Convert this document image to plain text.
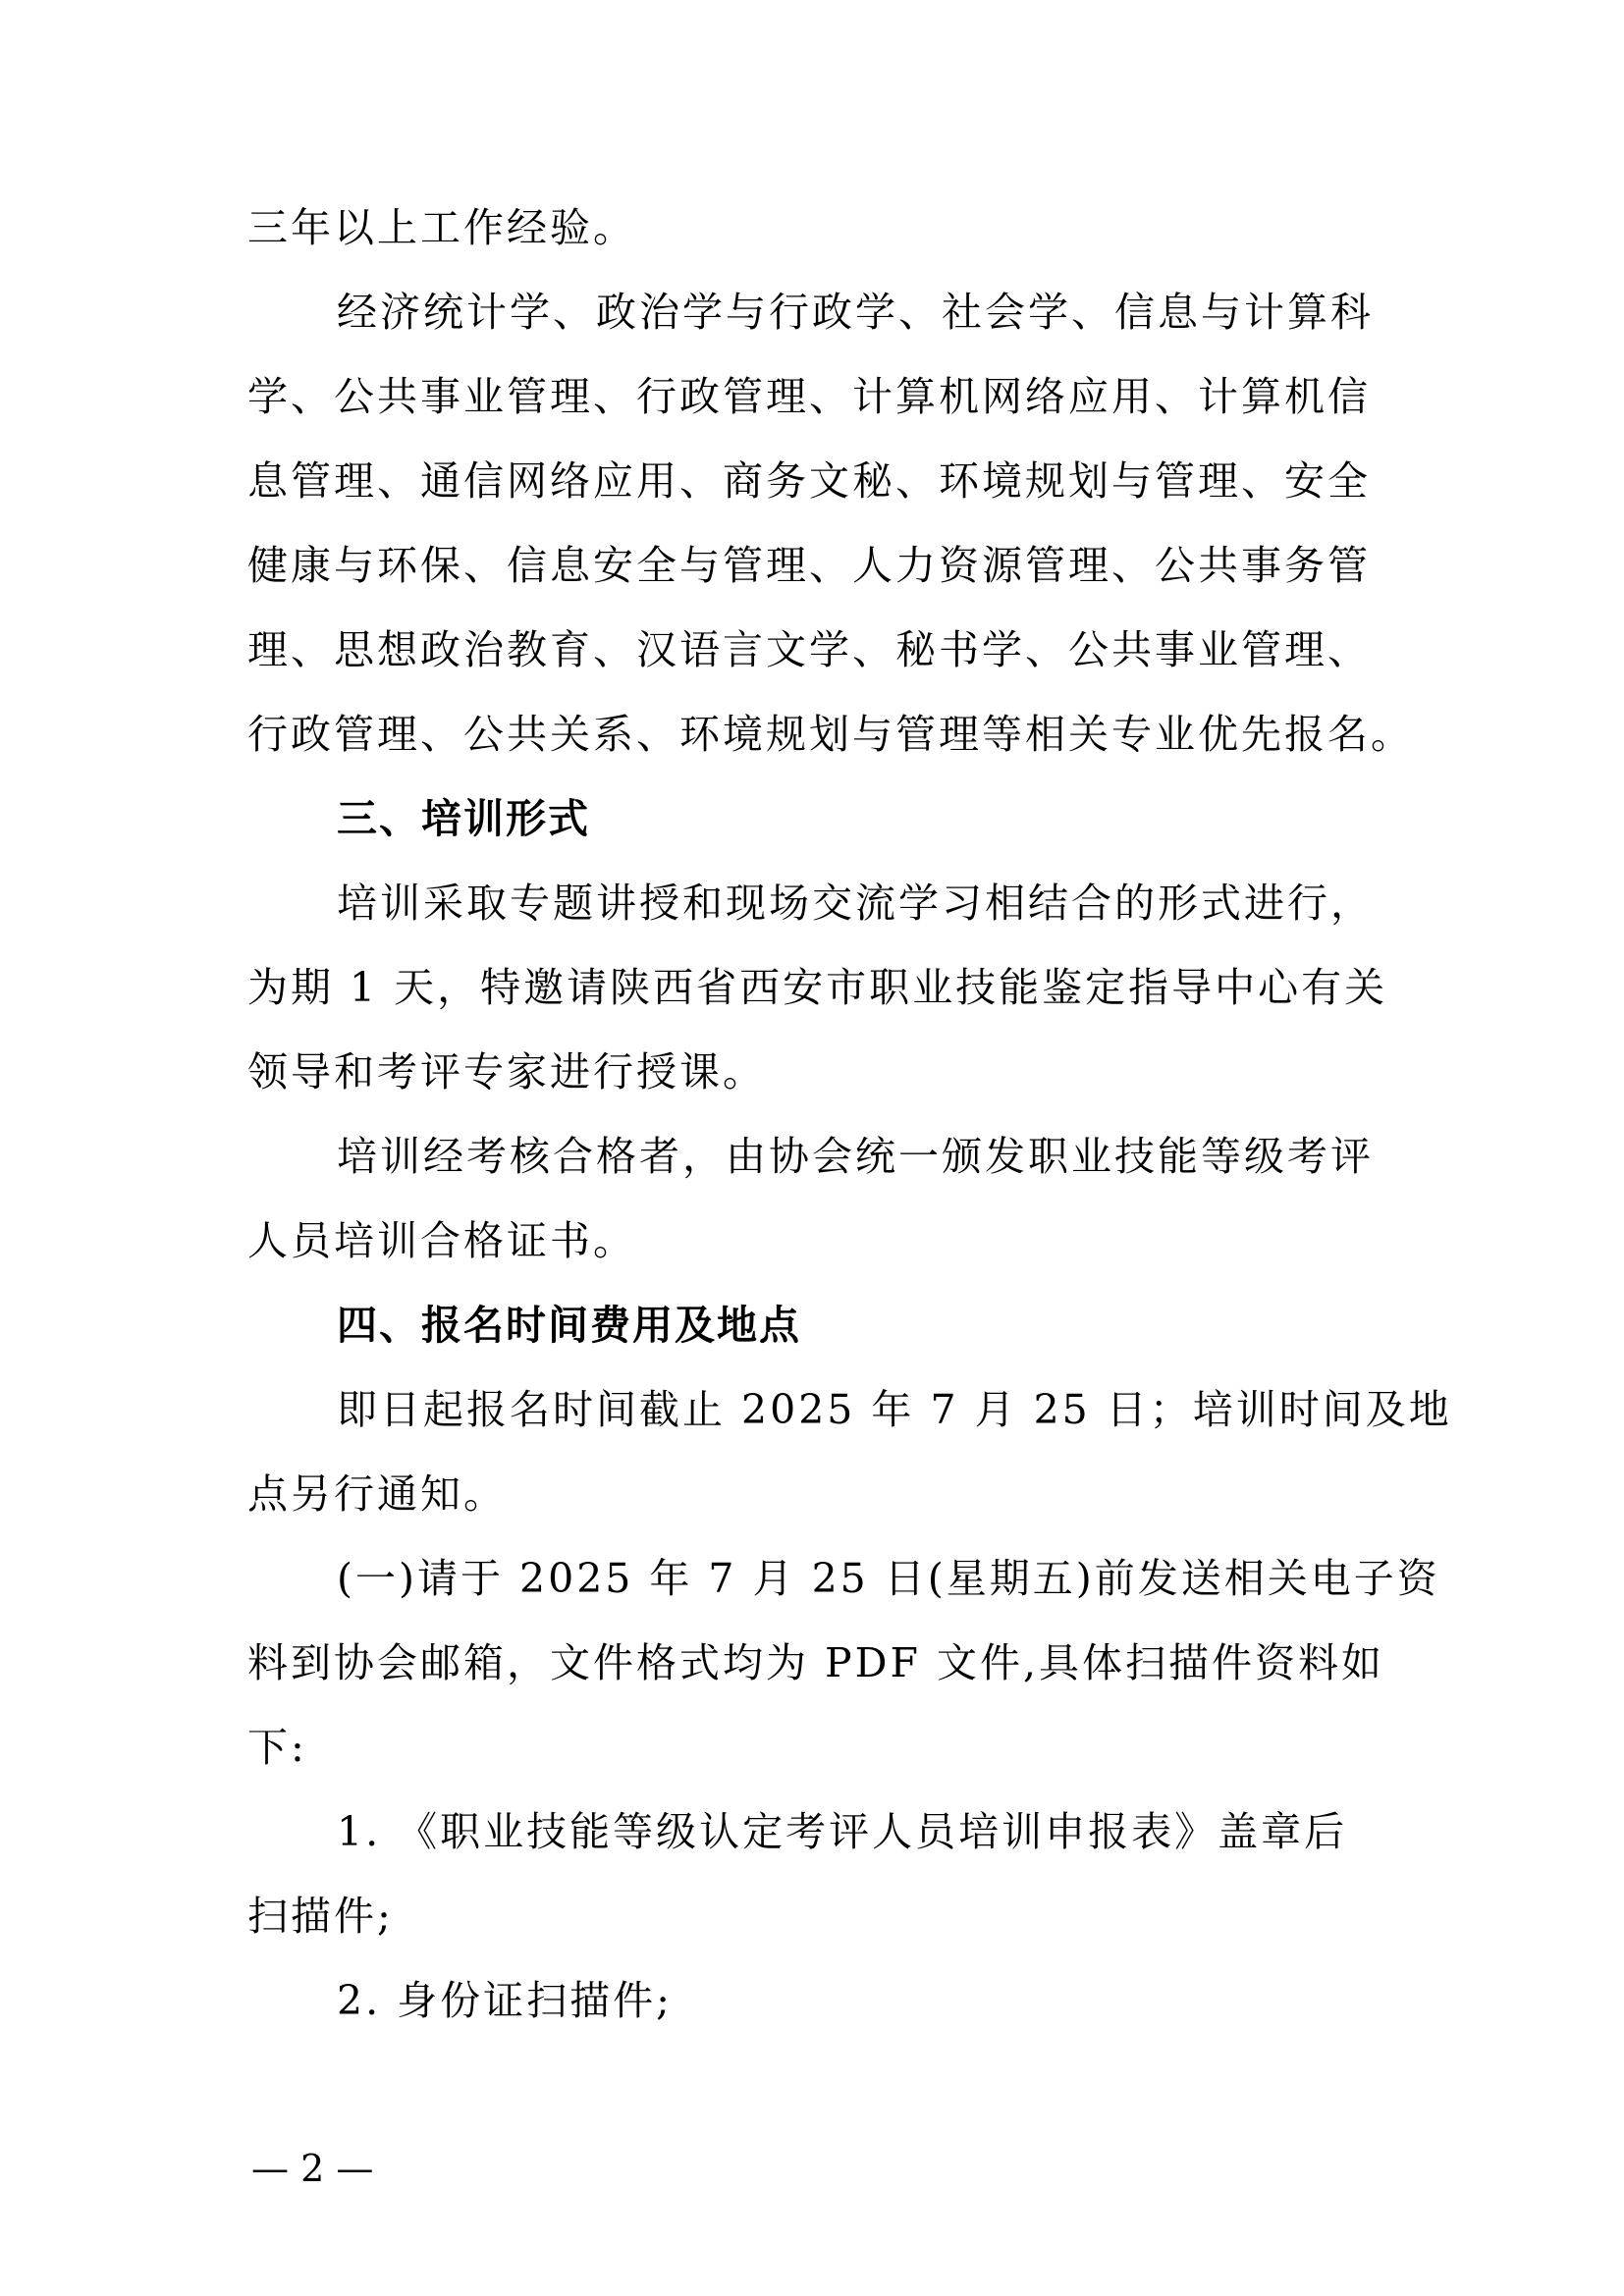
三年以上工作经验。
经济统计学、政治学与行政学、社会学、信息与计算科
学、公共事业管理、行政管理、计算机网络应用、计算机信
息管理、通信网络应用、商务文秘、环境规划与管理、安全
健康与环保、信息安全与管理、人力资源管理、公共事务管
理、思想政治教育、汉语言文学、秘书学、公共事业管理、
行政管理、公共关系、环境规划与管理等相关专业优先报名。
三、培训形式
培训采取专题讲授和现场交流学习相结合的形式进行，
为期 1 天，特邀请陕西省西安市职业技能鉴定指导中心有关
领导和考评专家进行授课。
培训经考核合格者，由协会统一颁发职业技能等级考评
人员培训合格证书。
四、报名时间费用及地点
即日起报名时间截止 2025 年 7 月 25 日；培训时间及地
点另行通知。
(一)请于 2025 年 7 月 25 日(星期五)前发送相关电子资
料到协会邮箱，文件格式均为 PDF 文件,具体扫描件资料如
下:
1. 《职业技能等级认定考评人员培训申报表》盖章后
扫描件;
2. 身份证扫描件;
— 2 —
